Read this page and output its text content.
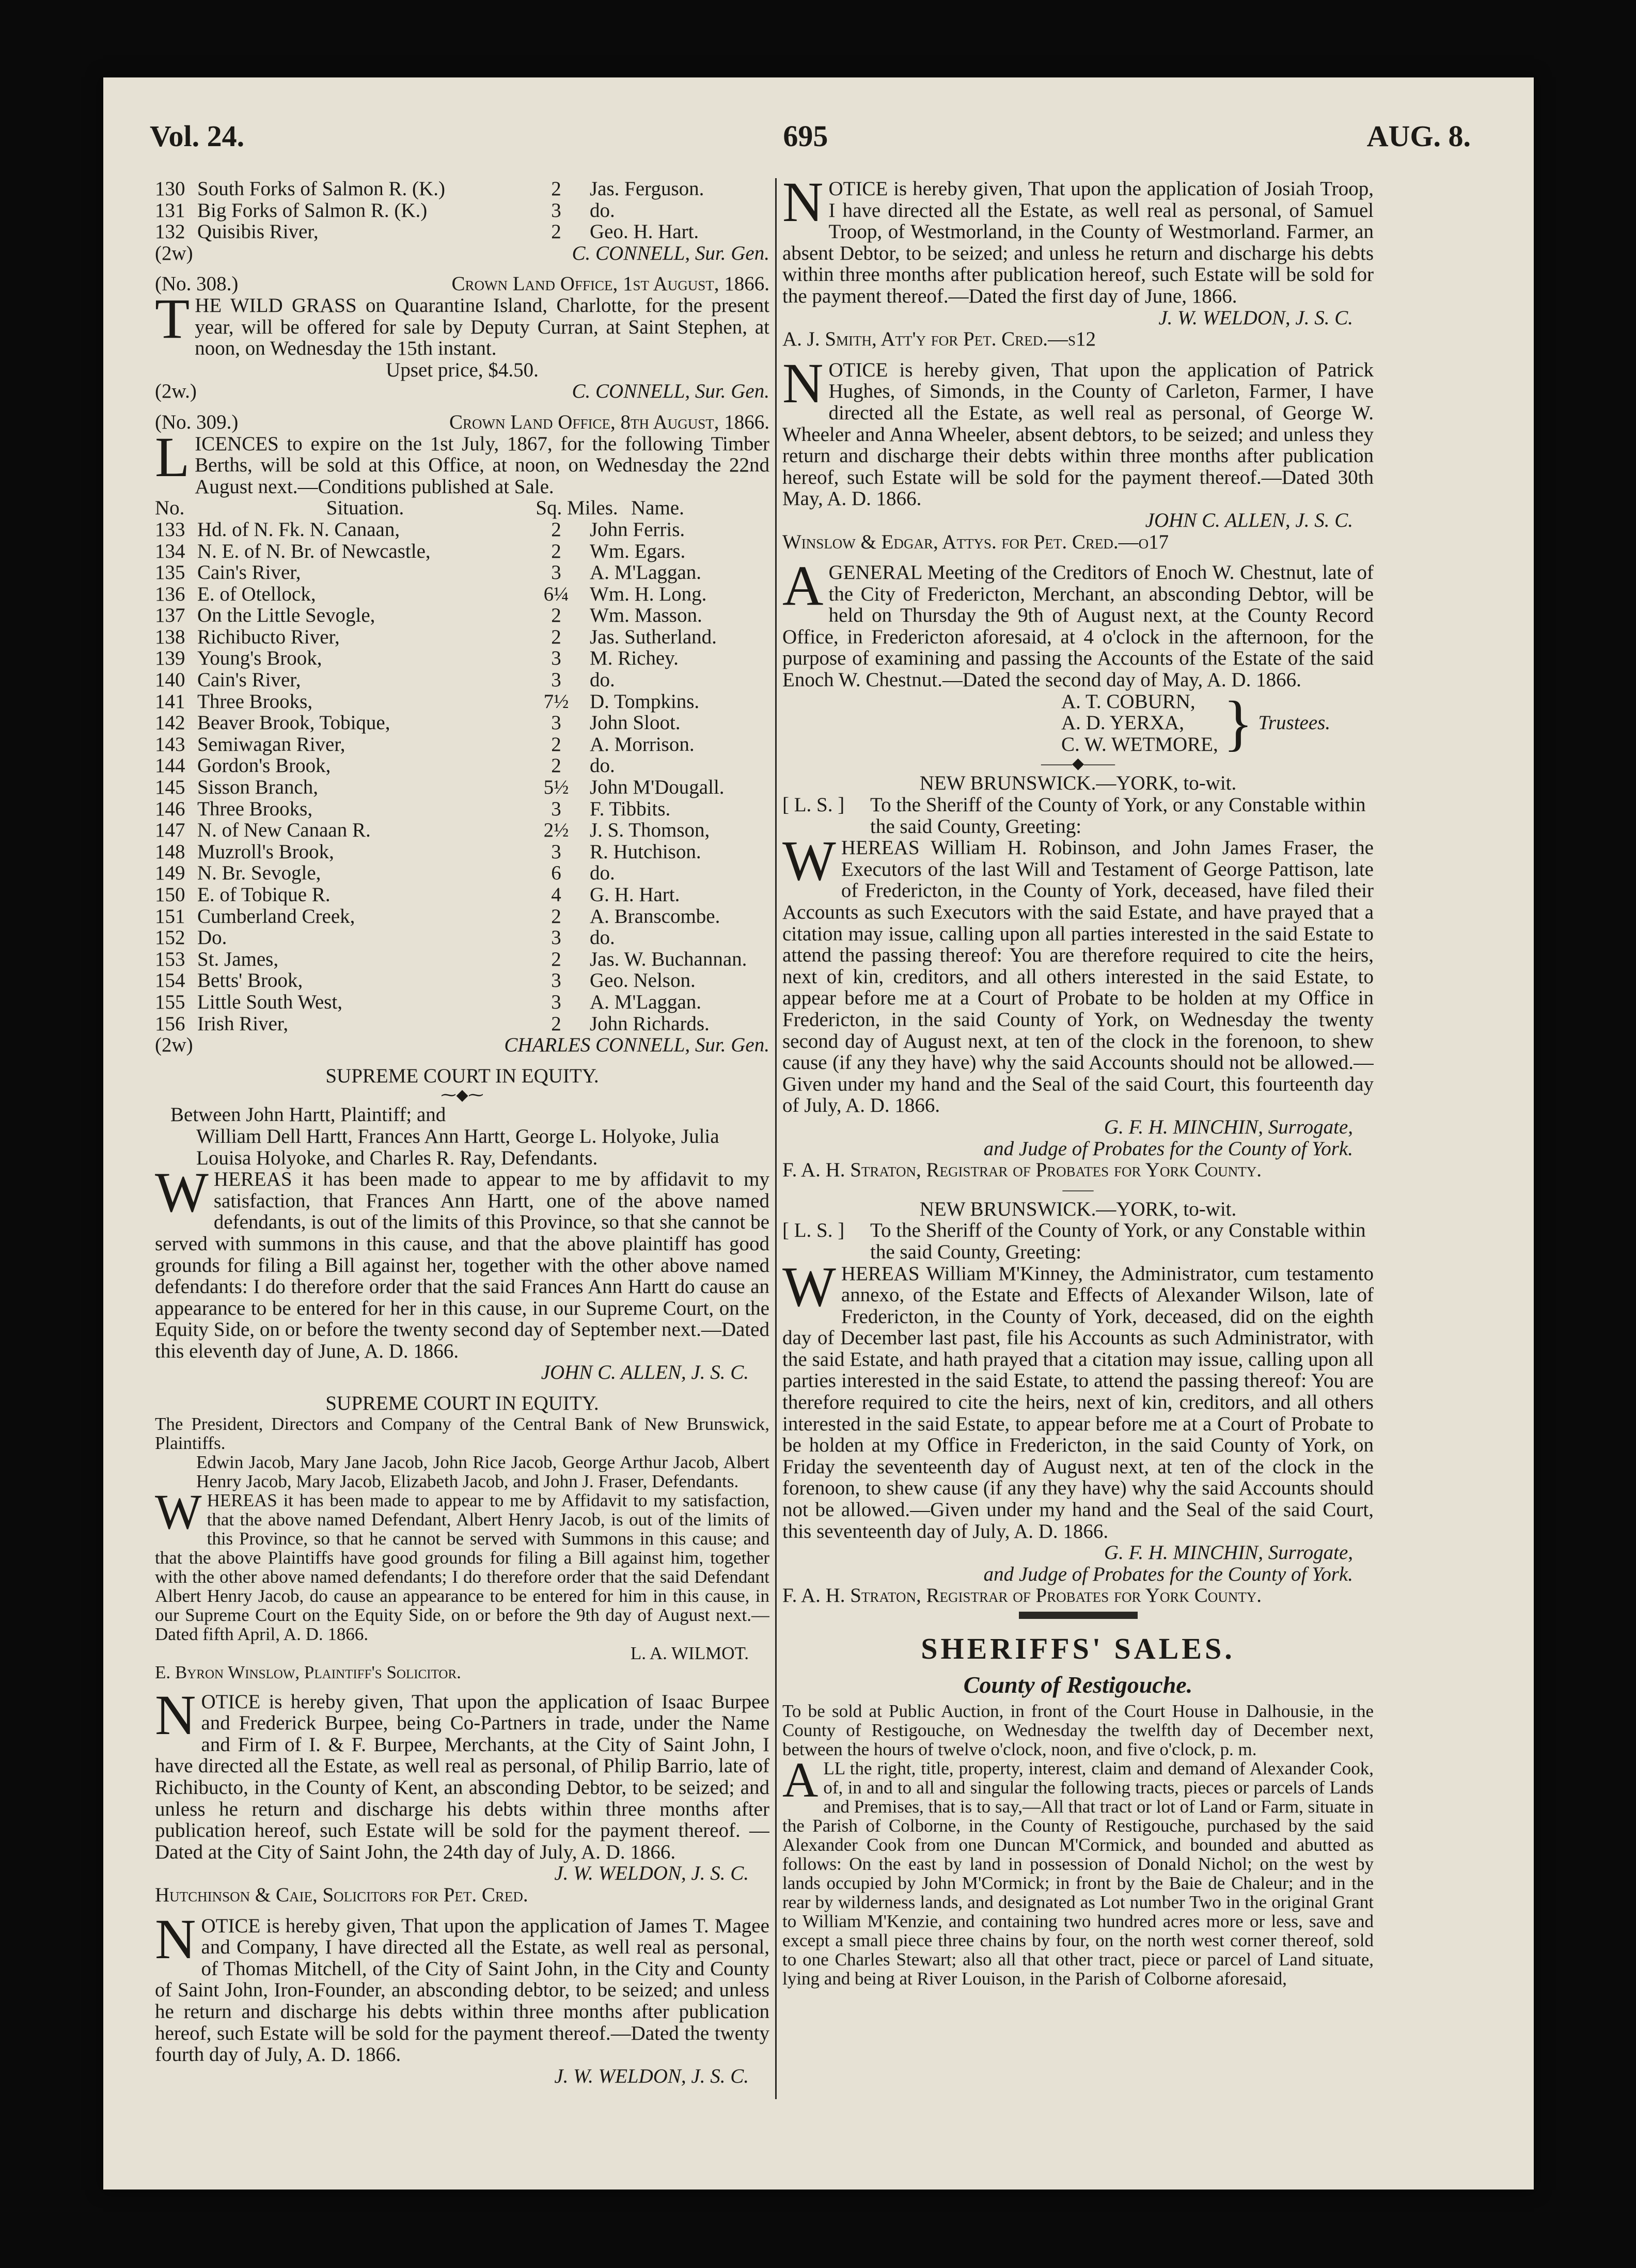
Vol. 24.	695	AUG. 8.
130 South Forks of Salmon R. (K.)	2	Jas. Ferguson.
131 Big Forks of Salmon R. (K.)	3	do.
132 Quisibis River,	2	Geo. H. Hart.
(2w)	C. CONNELL, Sur. Gen.
(No. 308.)	Crown Land Office, 1st August, 1866.
T HE WILD GRASS on Quarantine Island, Charlotte, for the present year, will be offered for sale by Deputy Curran, at Saint Stephen, at noon, on Wednesday the 15th instant.
Upset price, $4.50.
(2w.)	C. CONNELL, Sur. Gen.
(No. 309.)	Crown Land Office, 8th August, 1866.
L ICENCES to expire on the 1st July, 1867, for the following Timber Berths, will be sold at this Office, at noon, on Wednesday the 22nd August next.—Conditions published at Sale.
No.	Situation.	Sq. Miles. Name.
133 Hd. of N. Fk. N. Canaan,	2	John Ferris.
134 N. E. of N. Br. of Newcastle,	2	Wm. Egars.
135 Cain's River,	3	A. M'Laggan.
136 E. of Otellock,	6¼	Wm. H. Long.
137 On the Little Sevogle,	2	Wm. Masson.
138 Richibucto River,	2	Jas. Sutherland.
139 Young's Brook,	3	M. Richey.
140 Cain's River,	3	do.
141 Three Brooks,	7½	D. Tompkins.
142 Beaver Brook, Tobique,	3	John Sloot.
143 Semiwagan River,	2	A. Morrison.
144 Gordon's Brook,	2	do.
145 Sisson Branch,	5½	John M'Dougall.
146 Three Brooks,	3	F. Tibbits.
147 N. of New Canaan R.	2½	J. S. Thomson,
148 Muzroll's Brook,	3	R. Hutchison.
149 N. Br. Sevogle,	6	do.
150 E. of Tobique R.	4	G. H. Hart.
151 Cumberland Creek,	2	A. Branscombe.
152 Do.	3	do.
153 St. James,	2	Jas. W. Buchannan.
154 Betts' Brook,	3	Geo. Nelson.
155 Little South West,	3	A. M'Laggan.
156 Irish River,	2	John Richards.
(2w)	CHARLES CONNELL, Sur. Gen.
SUPREME COURT IN EQUITY.
⁓◆⁓
Between John Hartt, Plaintiff; and
William Dell Hartt, Frances Ann Hartt, George L. Holyoke, Julia Louisa Holyoke, and Charles R. Ray, Defendants.
W HEREAS it has been made to appear to me by affidavit to my satisfaction, that Frances Ann Hartt, one of the above named defendants, is out of the limits of this Province, so that she cannot be served with summons in this cause, and that the above plaintiff has good grounds for filing a Bill against her, together with the other above named defendants: I do therefore order that the said Frances Ann Hartt do cause an appearance to be entered for her in this cause, in our Supreme Court, on the Equity Side, on or before the twenty second day of September next.—Dated this eleventh day of June, A. D. 1866.
JOHN C. ALLEN, J. S. C.
SUPREME COURT IN EQUITY.
The President, Directors and Company of the Central Bank of New Brunswick, Plaintiffs.
Edwin Jacob, Mary Jane Jacob, John Rice Jacob, George Arthur Jacob, Albert Henry Jacob, Mary Jacob, Elizabeth Jacob, and John J. Fraser, Defendants.
W HEREAS it has been made to appear to me by Affidavit to my satisfaction, that the above named Defendant, Albert Henry Jacob, is out of the limits of this Province, so that he cannot be served with Summons in this cause; and that the above Plaintiffs have good grounds for filing a Bill against him, together with the other above named defendants; I do therefore order that the said Defendant Albert Henry Jacob, do cause an appearance to be entered for him in this cause, in our Supreme Court on the Equity Side, on or before the 9th day of August next.—Dated fifth April, A. D. 1866.
L. A. WILMOT.
E. Byron Winslow, Plaintiff's Solicitor.
N OTICE is hereby given, That upon the application of Isaac Burpee and Frederick Burpee, being Co-Partners in trade, under the Name and Firm of I. & F. Burpee, Merchants, at the City of Saint John, I have directed all the Estate, as well real as personal, of Philip Barrio, late of Richibucto, in the County of Kent, an absconding Debtor, to be seized; and unless he return and discharge his debts within three months after publication hereof, such Estate will be sold for the payment thereof. —Dated at the City of Saint John, the 24th day of July, A. D. 1866.
J. W. WELDON, J. S. C.
Hutchinson & Caie, Solicitors for Pet. Cred.
N OTICE is hereby given, That upon the application of James T. Magee and Company, I have directed all the Estate, as well real as personal, of Thomas Mitchell, of the City of Saint John, in the City and County of Saint John, Iron-Founder, an absconding debtor, to be seized; and unless he return and discharge his debts within three months after publication hereof, such Estate will be sold for the payment thereof.—Dated the twenty fourth day of July, A. D. 1866.
J. W. WELDON, J. S. C.
N OTICE is hereby given, That upon the application of Josiah Troop, I have directed all the Estate, as well real as personal, of Samuel Troop, of Westmorland, in the County of Westmorland. Farmer, an absent Debtor, to be seized; and unless he return and discharge his debts within three months after publication hereof, such Estate will be sold for the payment thereof.—Dated the first day of June, 1866.
J. W. WELDON, J. S. C.
A. J. Smith, Att'y for Pet. Cred.—s12
N OTICE is hereby given, That upon the application of Patrick Hughes, of Simonds, in the County of Carleton, Farmer, I have directed all the Estate, as well real as personal, of George W. Wheeler and Anna Wheeler, absent debtors, to be seized; and unless they return and discharge their debts within three months after publication hereof, such Estate will be sold for the payment thereof.—Dated 30th May, A. D. 1866.
JOHN C. ALLEN, J. S. C.
Winslow & Edgar, Attys. for Pet. Cred.—o17
A GENERAL Meeting of the Creditors of Enoch W. Chestnut, late of the City of Fredericton, Merchant, an absconding Debtor, will be held on Thursday the 9th of August next, at the County Record Office, in Fredericton aforesaid, at 4 o'clock in the afternoon, for the purpose of examining and passing the Accounts of the Estate of the said Enoch W. Chestnut.—Dated the second day of May, A. D. 1866.
A. T. COBURN,
A. D. YERXA,
C. W. WETMORE, } Trustees.
——◆——
NEW BRUNSWICK.—YORK, to-wit.
[ L. S. ]	To the Sheriff of the County of York, or any Constable within the said County, Greeting:
W HEREAS William H. Robinson, and John James Fraser, the Executors of the last Will and Testament of George Pattison, late of Fredericton, in the County of York, deceased, have filed their Accounts as such Executors with the said Estate, and have prayed that a citation may issue, calling upon all parties interested in the said Estate to attend the passing thereof: You are therefore required to cite the heirs, next of kin, creditors, and all others interested in the said Estate, to appear before me at a Court of Probate to be holden at my Office in Fredericton, in the said County of York, on Wednesday the twenty second day of August next, at ten of the clock in the forenoon, to shew cause (if any they have) why the said Accounts should not be allowed.—Given under my hand and the Seal of the said Court, this fourteenth day of July, A. D. 1866.
G. F. H. MINCHIN, Surrogate,
and Judge of Probates for the County of York.
F. A. H. Straton, Registrar of Probates for York County.
——
NEW BRUNSWICK.—YORK, to-wit.
[ L. S. ]	To the Sheriff of the County of York, or any Constable within the said County, Greeting:
W HEREAS William M'Kinney, the Administrator, cum testamento annexo, of the Estate and Effects of Alexander Wilson, late of Fredericton, in the County of York, deceased, did on the eighth day of December last past, file his Accounts as such Administrator, with the said Estate, and hath prayed that a citation may issue, calling upon all parties interested in the said Estate, to attend the passing thereof: You are therefore required to cite the heirs, next of kin, creditors, and all others interested in the said Estate, to appear before me at a Court of Probate to be holden at my Office in Fredericton, in the said County of York, on Friday the seventeenth day of August next, at ten of the clock in the forenoon, to shew cause (if any they have) why the said Accounts should not be allowed.—Given under my hand and the Seal of the said Court, this seventeenth day of July, A. D. 1866.
G. F. H. MINCHIN, Surrogate,
and Judge of Probates for the County of York.
F. A. H. Straton, Registrar of Probates for York County.
SHERIFFS' SALES.
County of Restigouche.
To be sold at Public Auction, in front of the Court House in Dalhousie, in the County of Restigouche, on Wednesday the twelfth day of December next, between the hours of twelve o'clock, noon, and five o'clock, p. m.
A LL the right, title, property, interest, claim and demand of Alexander Cook, of, in and to all and singular the following tracts, pieces or parcels of Lands and Premises, that is to say,—All that tract or lot of Land or Farm, situate in the Parish of Colborne, in the County of Restigouche, purchased by the said Alexander Cook from one Duncan M'Cormick, and bounded and abutted as follows: On the east by land in possession of Donald Nichol; on the west by lands occupied by John M'Cormick; in front by the Baie de Chaleur; and in the rear by wilderness lands, and designated as Lot number Two in the original Grant to William M'Kenzie, and containing two hundred acres more or less, save and except a small piece three chains by four, on the north west corner thereof, sold to one Charles Stewart; also all that other tract, piece or parcel of Land situate, lying and being at River Louison, in the Parish of Colborne aforesaid,
